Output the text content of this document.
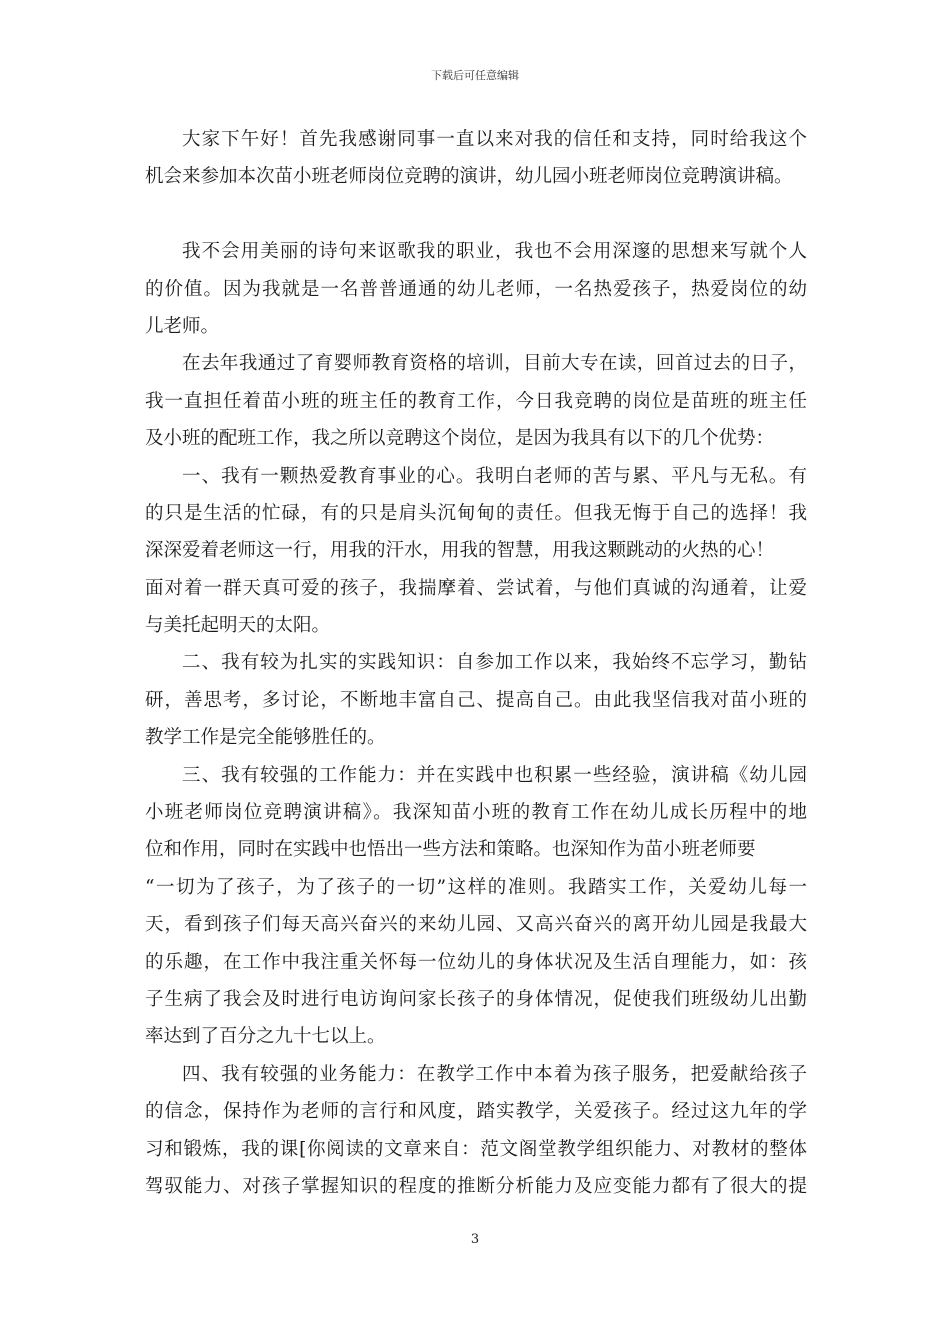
下载后可任意编辑
大家下午好！首先我感谢同事一直以来对我的信任和支持，同时给我这个
机会来参加本次苗小班老师岗位竞聘的演讲，幼儿园小班老师岗位竞聘演讲稿。
我不会用美丽的诗句来讴歌我的职业，我也不会用深邃的思想来写就个人
的价值。因为我就是一名普普通通的幼儿老师，一名热爱孩子，热爱岗位的幼
儿老师。
在去年我通过了育婴师教育资格的培训，目前大专在读，回首过去的日子，
我一直担任着苗小班的班主任的教育工作，今日我竞聘的岗位是苗班的班主任
及小班的配班工作，我之所以竞聘这个岗位，是因为我具有以下的几个优势：
一、我有一颗热爱教育事业的心。我明白老师的苦与累、平凡与无私。有
的只是生活的忙碌，有的只是肩头沉甸甸的责任。但我无悔于自己的选择！我
深深爱着老师这一行，用我的汗水，用我的智慧，用我这颗跳动的火热的心！
面对着一群天真可爱的孩子，我揣摩着、尝试着，与他们真诚的沟通着，让爱
与美托起明天的太阳。
二、我有较为扎实的实践知识：自参加工作以来，我始终不忘学习，勤钻
研，善思考，多讨论，不断地丰富自己、提高自己。由此我坚信我对苗小班的
教学工作是完全能够胜任的。
三、我有较强的工作能力：并在实践中也积累一些经验，演讲稿《幼儿园
小班老师岗位竞聘演讲稿》。我深知苗小班的教育工作在幼儿成长历程中的地
位和作用，同时在实践中也悟出一些方法和策略。也深知作为苗小班老师要
“一切为了孩子，为了孩子的一切”这样的准则。我踏实工作，关爱幼儿每一
天，看到孩子们每天高兴奋兴的来幼儿园、又高兴奋兴的离开幼儿园是我最大
的乐趣，在工作中我注重关怀每一位幼儿的身体状况及生活自理能力，如：孩
子生病了我会及时进行电访询问家长孩子的身体情况，促使我们班级幼儿出勤
率达到了百分之九十七以上。
四、我有较强的业务能力：在教学工作中本着为孩子服务，把爱献给孩子
的信念，保持作为老师的言行和风度，踏实教学，关爱孩子。经过这九年的学
习和锻炼，我的课[你阅读的文章来自：范文阁堂教学组织能力、对教材的整体
驾驭能力、对孩子掌握知识的程度的推断分析能力及应变能力都有了很大的提
3
